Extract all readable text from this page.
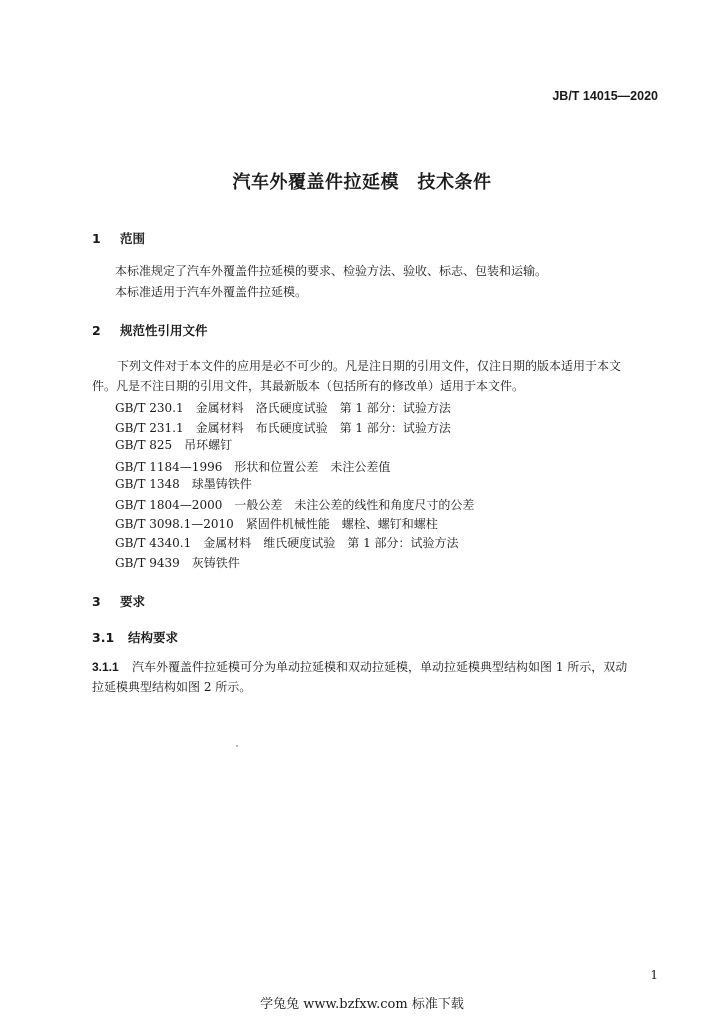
JB/T 14015—2020
汽车外覆盖件拉延模　技术条件
1 范围
本标准规定了汽车外覆盖件拉延模的要求、检验方法、验收、标志、包装和运输。
本标准适用于汽车外覆盖件拉延模。
2 规范性引用文件
下列文件对于本文件的应用是必不可少的。凡是注日期的引用文件，仅注日期的版本适用于本文
件。凡是不注日期的引用文件，其最新版本（包括所有的修改单）适用于本文件。
GB/T 230.1　金属材料　洛氏硬度试验　第 1 部分：试验方法
GB/T 231.1　金属材料　布氏硬度试验　第 1 部分：试验方法
GB/T 825　吊环螺钉
GB/T 1184—1996　形状和位置公差　未注公差值
GB/T 1348　球墨铸铁件
GB/T 1804—2000　一般公差　未注公差的线性和角度尺寸的公差
GB/T 3098.1—2010　紧固件机械性能　螺栓、螺钉和螺柱
GB/T 4340.1　金属材料　维氏硬度试验　第 1 部分：试验方法
GB/T 9439　灰铸铁件
3 要求
3.1 结构要求
3.1.1 汽车外覆盖件拉延模可分为单动拉延模和双动拉延模，单动拉延模典型结构如图 1 所示，双动
拉延模典型结构如图 2 所示。
1
学兔兔 www.bzfxw.com 标准下载
